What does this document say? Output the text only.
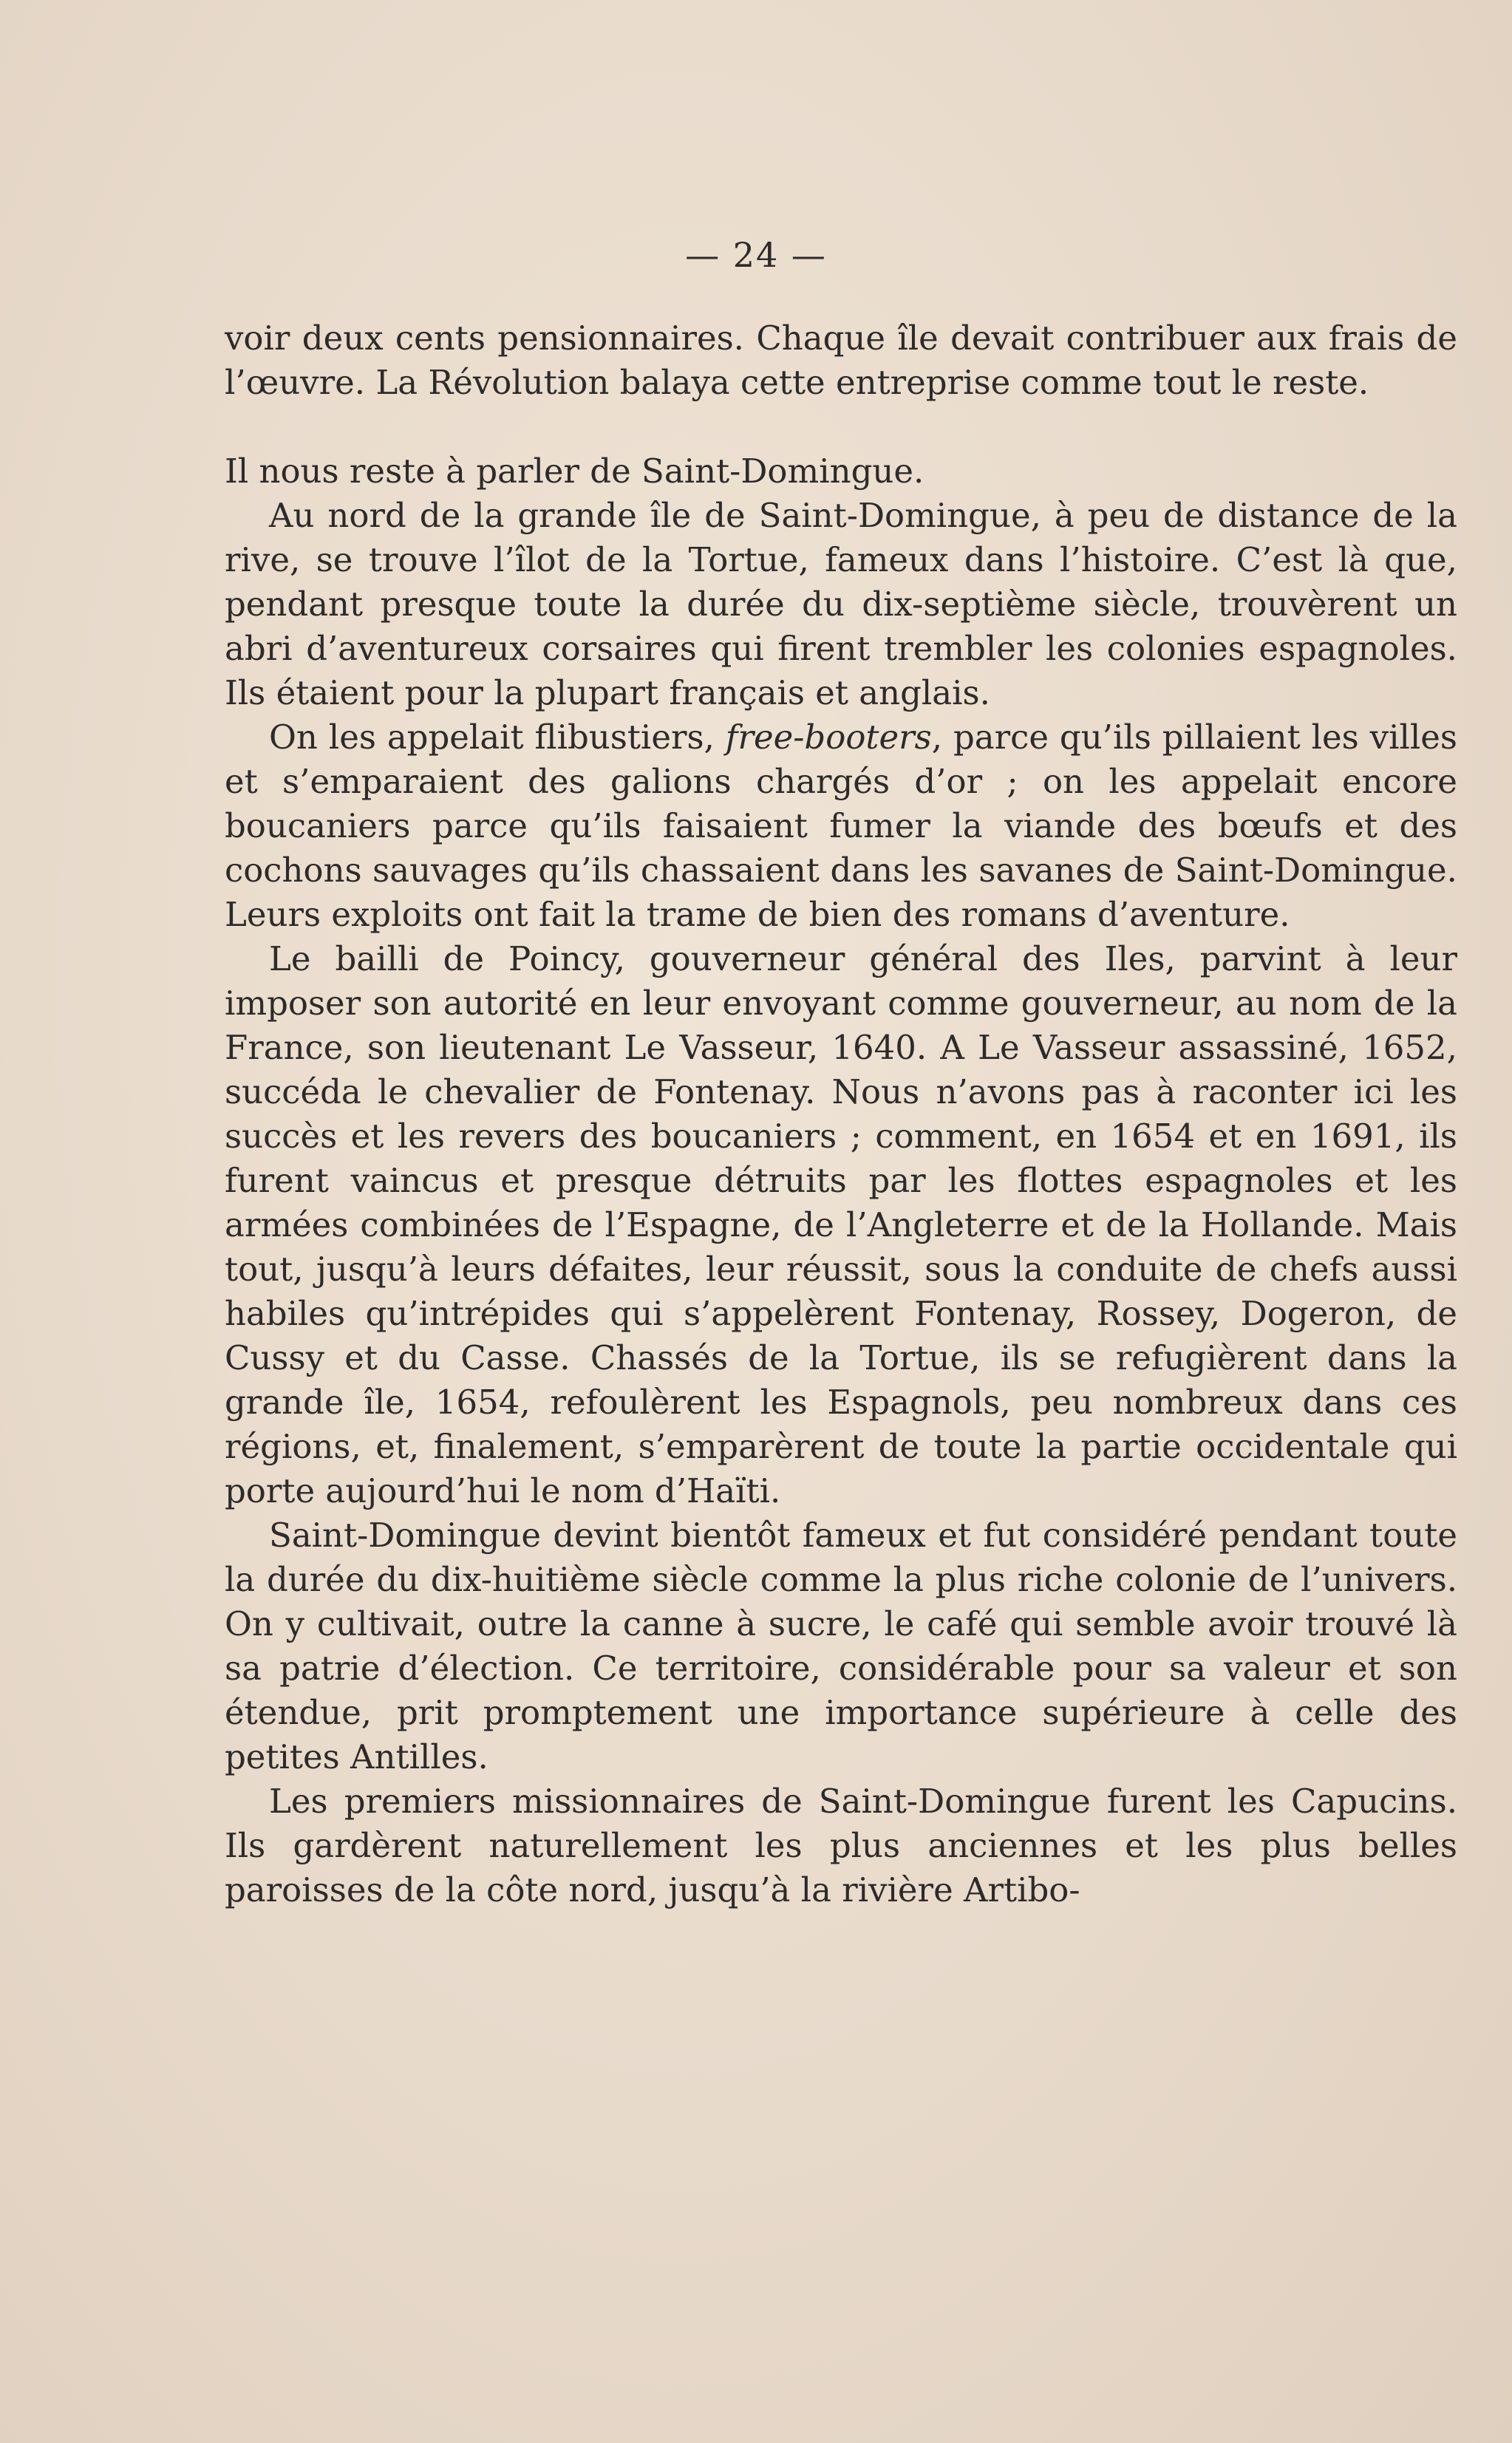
— 24 —

voir deux cents pensionnaires. Chaque île devait contribuer aux frais de l’œuvre. La Révolution balaya cette entreprise comme tout le reste.

Il nous reste à parler de Saint-Domingue.

Au nord de la grande île de Saint-Domingue, à peu de distance de la rive, se trouve l’îlot de la Tortue, fameux dans l’histoire. C’est là que, pendant presque toute la durée du dix-septième siècle, trouvèrent un abri d’aventureux corsaires qui firent trembler les colonies espagnoles. Ils étaient pour la plupart français et anglais.

On les appelait flibustiers, free-booters, parce qu’ils pillaient les villes et s’emparaient des galions chargés d’or ; on les appelait encore boucaniers parce qu’ils faisaient fumer la viande des bœufs et des cochons sauvages qu’ils chassaient dans les savanes de Saint-Domingue. Leurs exploits ont fait la trame de bien des romans d’aventure.

Le bailli de Poincy, gouverneur général des Iles, parvint à leur imposer son autorité en leur envoyant comme gouverneur, au nom de la France, son lieutenant Le Vasseur, 1640. A Le Vasseur assassiné, 1652, succéda le chevalier de Fontenay. Nous n’avons pas à raconter ici les succès et les revers des boucaniers ; comment, en 1654 et en 1691, ils furent vaincus et presque détruits par les flottes espagnoles et les armées combinées de l’Espagne, de l’Angleterre et de la Hollande. Mais tout, jusqu’à leurs défaites, leur réussit, sous la conduite de chefs aussi habiles qu’intrépides qui s’appelèrent Fontenay, Rossey, Dogeron, de Cussy et du Casse. Chassés de la Tortue, ils se refugièrent dans la grande île, 1654, refoulèrent les Espagnols, peu nombreux dans ces régions, et, finalement, s’emparèrent de toute la partie occidentale qui porte aujourd’hui le nom d’Haïti.

Saint-Domingue devint bientôt fameux et fut considéré pendant toute la durée du dix-huitième siècle comme la plus riche colonie de l’univers. On y cultivait, outre la canne à sucre, le café qui semble avoir trouvé là sa patrie d’élection. Ce territoire, considérable pour sa valeur et son étendue, prit promptement une importance supérieure à celle des petites Antilles.

Les premiers missionnaires de Saint-Domingue furent les Capucins. Ils gardèrent naturellement les plus anciennes et les plus belles paroisses de la côte nord, jusqu’à la rivière Artibo-
